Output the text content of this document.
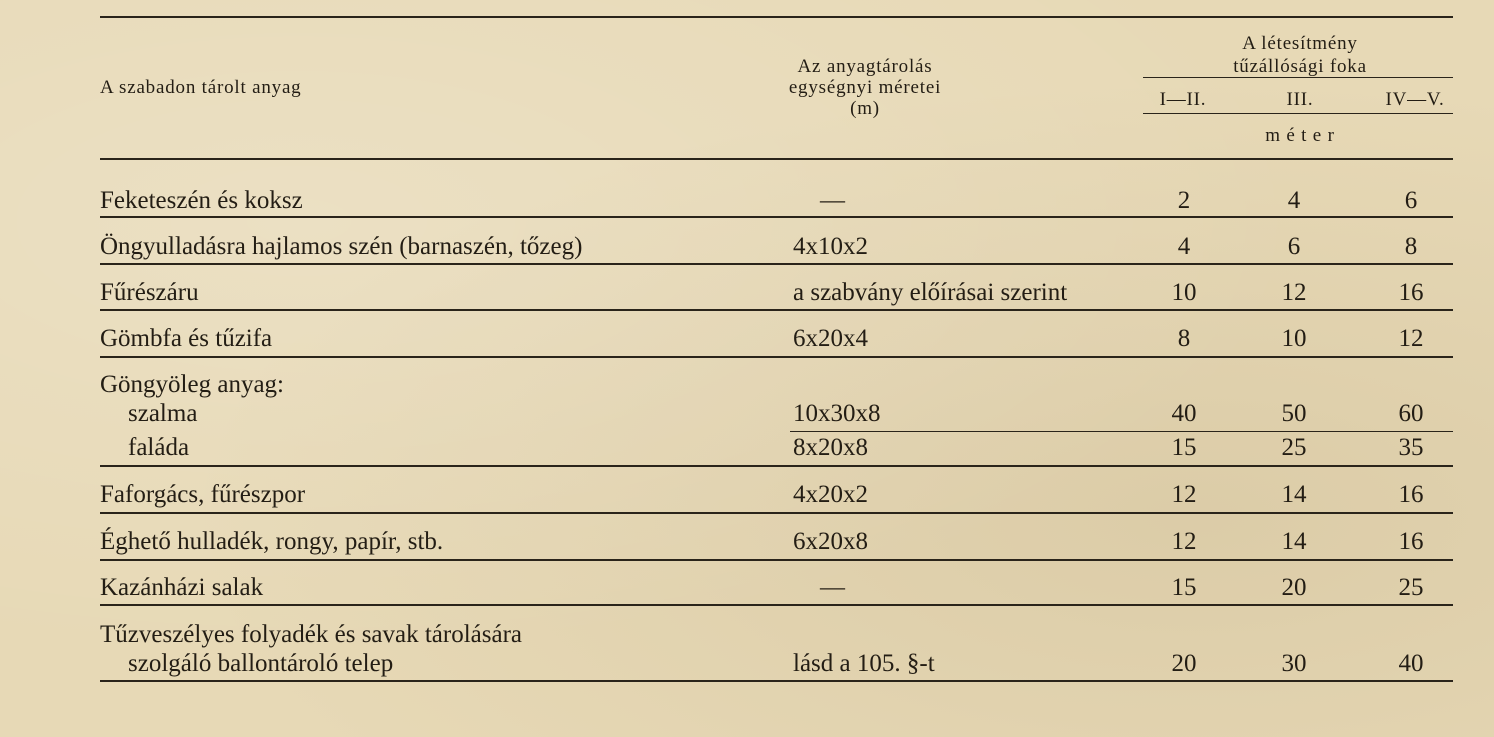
A szabadon tárolt anyag
Az anyagtárolás
egységnyi méretei
(m)
A létesítmény
tűzállósági foka
I—II.	III.	IV—V.
m é t e r
Feketeszén és koksz	—	2	4	6
Öngyulladásra hajlamos szén (barnaszén, tőzeg)	4x10x2	4	6	8
Fűrészáru	a szabvány előírásai szerint	10	12	16
Gömbfa és tűzifa	6x20x4	8	10	12
Göngyöleg anyag:
szalma	10x30x8	40	50	60
faláda	8x20x8	15	25	35
Faforgács, fűrészpor	4x20x2	12	14	16
Éghető hulladék, rongy, papír, stb.	6x20x8	12	14	16
Kazánházi salak	—	15	20	25
Tűzveszélyes folyadék és savak tárolására
szolgáló ballontároló telep	lásd a 105. §-t	20	30	40
